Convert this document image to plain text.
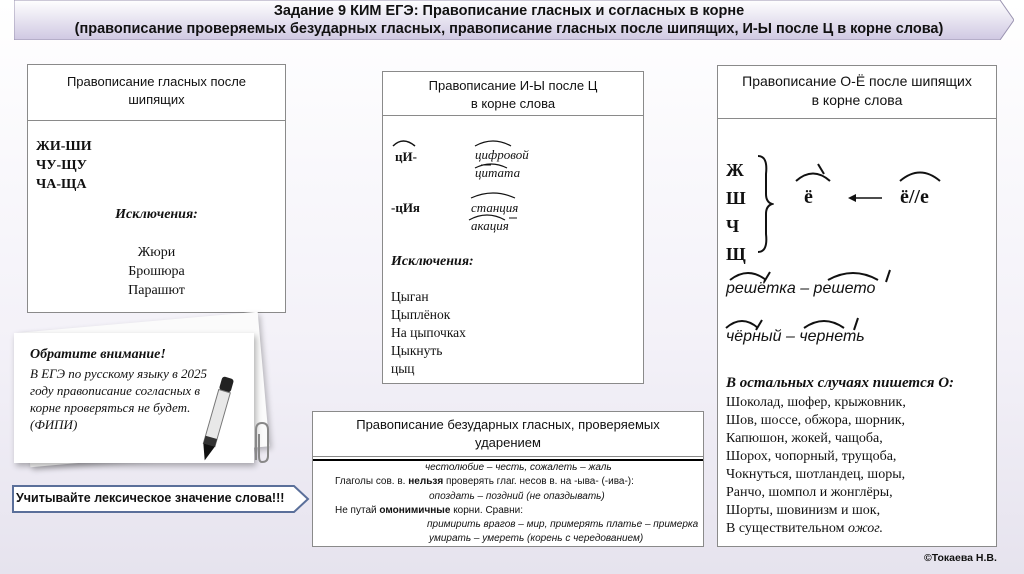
Задание 9 КИМ ЕГЭ: Правописание гласных и согласных в корне
(правописание проверяемых безударных гласных, правописание гласных после шипящих, И-Ы после Ц в корне слова)
Правописание гласных после
шипящих
ЖИ-ШИ
ЧУ-ЩУ
ЧА-ЩА
Исключения:
Жюри
Брошюра
Парашют
Правописание И-Ы после Ц
в корне слова
цИ-	цифровой
цитата
-цИя	станция
акация
Исключения:
Цыган
Цыплёнок
На цыпочках
Цыкнуть
цыц
Правописание О-Ё после шипящих
в корне слова
Ж
Ш
Ч
Щ
ё	ё//е
решётка – решето
чёрный – чернеть
В остальных случаях пишется О:
Шоколад, шофер, крыжовник,
Шов, шоссе, обжора, шорник,
Капюшон, жокей, чащоба,
Шорох, чопорный, трущоба,
Чокнуться, шотландец, шоры,
Ранчо, шомпол и жонглёры,
Шорты, шовинизм и шок,
В существительном ожог.
Правописание безударных гласных, проверяемых
ударением
честолюбие – честь, сожалеть – жаль
Глаголы сов. в. нельзя проверять глаг. несов в. на -ыва- (-ива-):
опоздать – поздний (не опаздывать)
Не путай омонимичные корни. Сравни:
примирить врагов – мир, примерять платье – примерка
умирать – умереть (корень с чередованием)
Обратите внимание!
В ЕГЭ по русскому языку в 2025 году правописание согласных в корне проверяться не будет.
(ФИПИ)
Учитывайте лексическое значение слова!!!
©Токаева Н.В.
